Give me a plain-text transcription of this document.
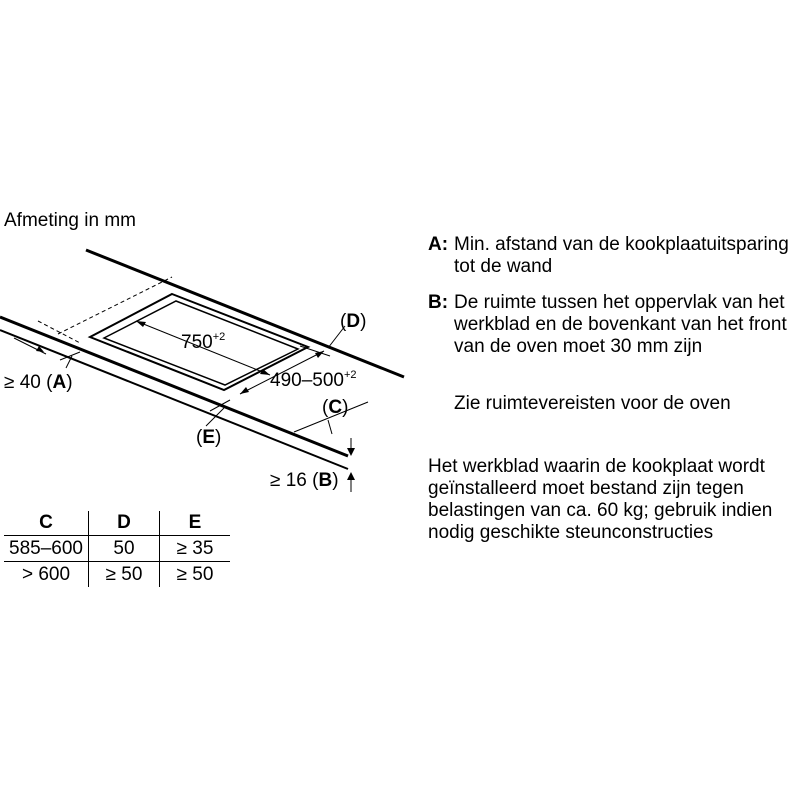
Afmeting in mm
$750^{+2}$
$490-500^{+2}$
(D)
(C)
(E)
≥ 40 (A)
≥ 16 (B)
A: Min. afstand van de kookplaatuitsparing
tot de wand
B: De ruimte tussen het oppervlak van het
werkblad en de bovenkant van het front
van de oven moet 30 mm zijn
Zie ruimtevereisten voor de oven
C	D	E
585–600	50	≥ 35
> 600	≥ 50	≥ 50
Het werkblad waarin de kookplaat wordt
geïnstalleerd moet bestand zijn tegen
belastingen van ca. 60 kg; gebruik indien
nodig geschikte steunconstructies
